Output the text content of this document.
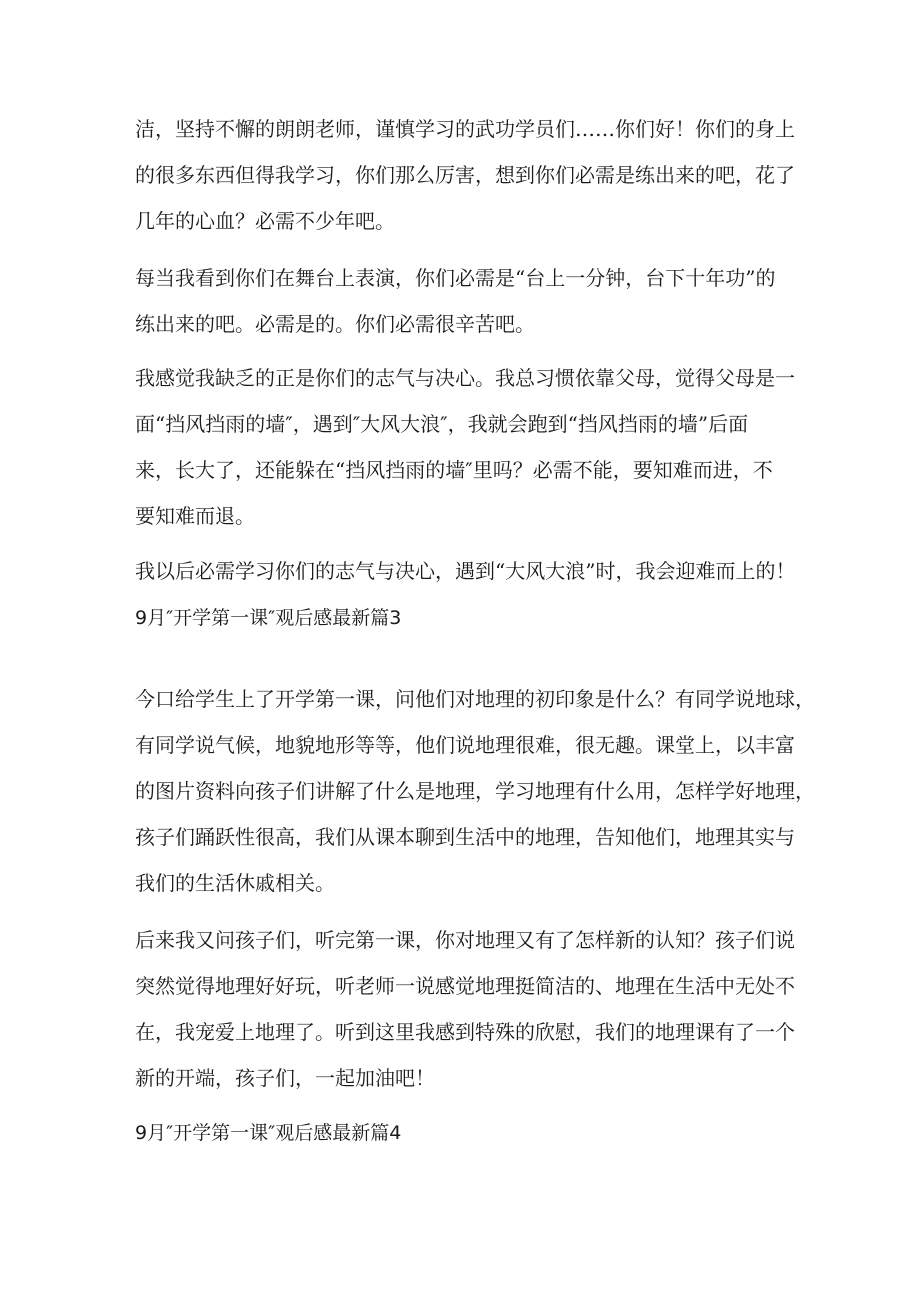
洁，坚持不懈的朗朗老师，谨慎学习的武功学员们……你们好！你们的身上
的很多东西但得我学习，你们那么厉害，想到你们必需是练出来的吧，花了
几年的心血？必需不少年吧。
每当我看到你们在舞台上表演，你们必需是“台上一分钟，台下十年功”的
练出来的吧。必需是的。你们必需很辛苦吧。
我感觉我缺乏的正是你们的志气与决心。我总习惯依靠父母，觉得父母是一
面“挡风挡雨的墙″，遇到″大风大浪″，我就会跑到“挡风挡雨的墙”后面
来，长大了，还能躲在“挡风挡雨的墙″里吗？必需不能，要知难而进，不
要知难而退。
我以后必需学习你们的志气与决心，遇到“大风大浪”时，我会迎难而上的！
9月″开学第一课″观后感最新篇3
今口给学生上了开学第一课，问他们对地理的初印象是什么？有同学说地球，
有同学说气候，地貌地形等等，他们说地理很难，很无趣。课堂上，以丰富
的图片资料向孩子们讲解了什么是地理，学习地理有什么用，怎样学好地理，
孩子们踊跃性很高，我们从课本聊到生活中的地理，告知他们，地理其实与
我们的生活休戚相关。
后来我又问孩子们，听完第一课，你对地理又有了怎样新的认知？孩子们说
突然觉得地理好好玩，听老师一说感觉地理挺简洁的、地理在生活中无处不
在，我宠爱上地理了。听到这里我感到特殊的欣慰，我们的地理课有了一个
新的开端，孩子们，一起加油吧！
9月″开学第一课″观后感最新篇4
